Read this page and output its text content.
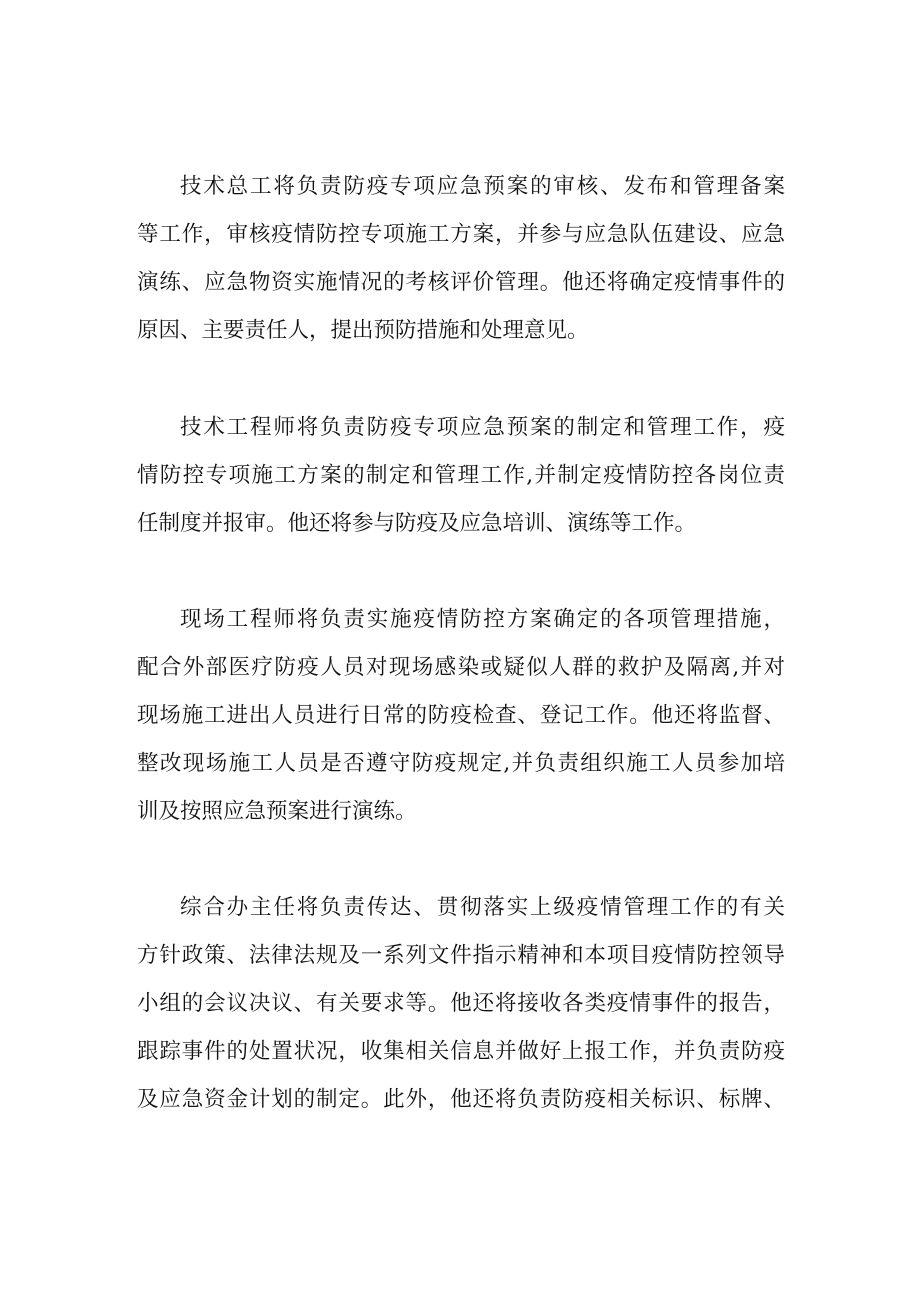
技术总工将负责防疫专项应急预案的审核、发布和管理备案
等工作，审核疫情防控专项施工方案，并参与应急队伍建设、应急
演练、应急物资实施情况的考核评价管理。他还将确定疫情事件的
原因、主要责任人，提出预防措施和处理意见。
技术工程师将负责防疫专项应急预案的制定和管理工作，疫
情防控专项施工方案的制定和管理工作,并制定疫情防控各岗位责
任制度并报审。他还将参与防疫及应急培训、演练等工作。
现场工程师将负责实施疫情防控方案确定的各项管理措施，
配合外部医疗防疫人员对现场感染或疑似人群的救护及隔离,并对
现场施工进出人员进行日常的防疫检查、登记工作。他还将监督、
整改现场施工人员是否遵守防疫规定,并负责组织施工人员参加培
训及按照应急预案进行演练。
综合办主任将负责传达、贯彻落实上级疫情管理工作的有关
方针政策、法律法规及一系列文件指示精神和本项目疫情防控领导
小组的会议决议、有关要求等。他还将接收各类疫情事件的报告，
跟踪事件的处置状况，收集相关信息并做好上报工作，并负责防疫
及应急资金计划的制定。此外，他还将负责防疫相关标识、标牌、
